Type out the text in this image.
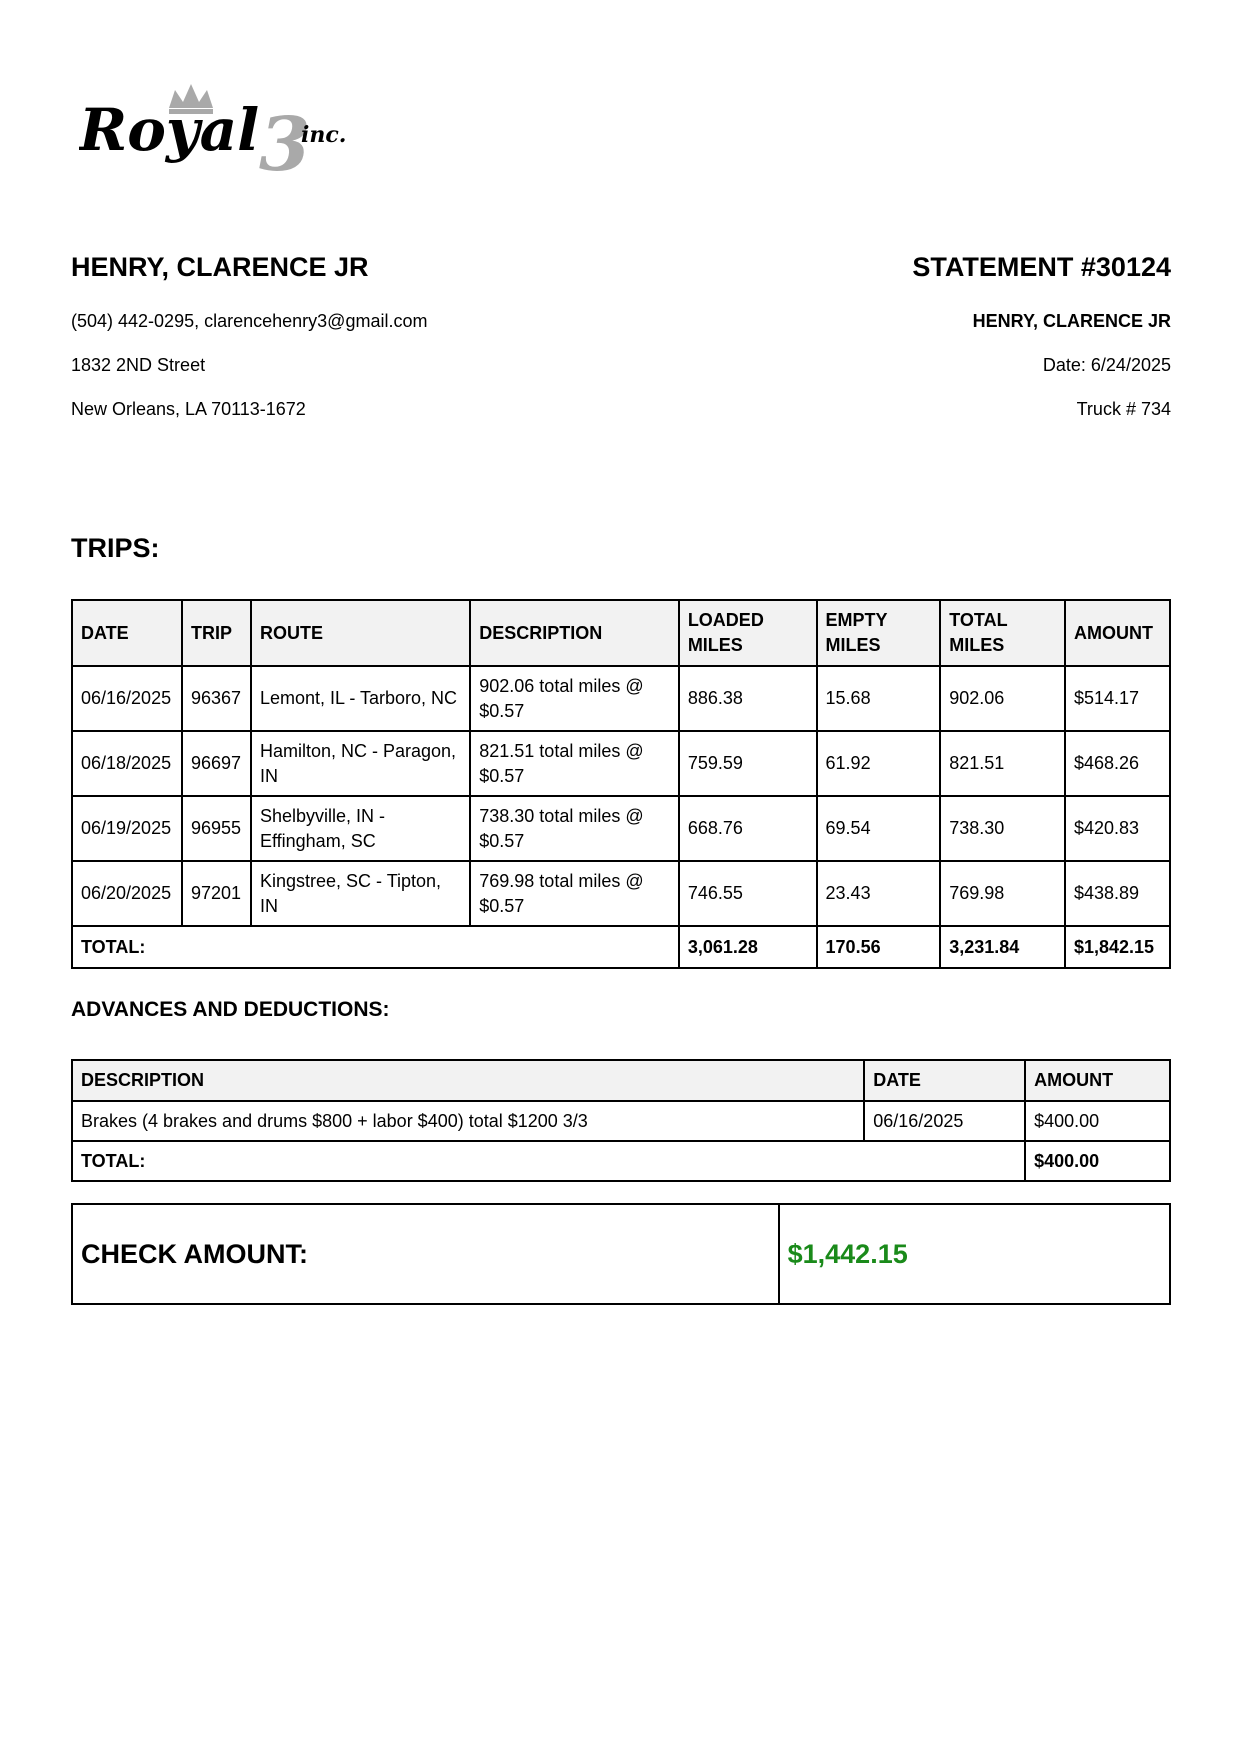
Royal 3
inc.
HENRY, CLARENCE JR
(504) 442-0295, clarencehenry3@gmail.com
1832 2ND Street
New Orleans, LA 70113-1672
STATEMENT #30124
HENRY, CLARENCE JR
Date: 6/24/2025
Truck # 734
TRIPS:
DATE	TRIP	ROUTE	DESCRIPTION	LOADED MILES	EMPTY MILES	TOTAL MILES	AMOUNT
06/16/2025	96367	Lemont, IL - Tarboro, NC	902.06 total miles @ $0.57	886.38	15.68	902.06	$514.17
06/18/2025	96697	Hamilton, NC - Paragon, IN	821.51 total miles @ $0.57	759.59	61.92	821.51	$468.26
06/19/2025	96955	Shelbyville, IN - Effingham, SC	738.30 total miles @ $0.57	668.76	69.54	738.30	$420.83
06/20/2025	97201	Kingstree, SC - Tipton, IN	769.98 total miles @ $0.57	746.55	23.43	769.98	$438.89
TOTAL:				3,061.28	170.56	3,231.84	$1,842.15
ADVANCES AND DEDUCTIONS:
DESCRIPTION	DATE	AMOUNT
Brakes (4 brakes and drums $800 + labor $400) total $1200 3/3	06/16/2025	$400.00
TOTAL:		$400.00
CHECK AMOUNT:	$1,442.15
